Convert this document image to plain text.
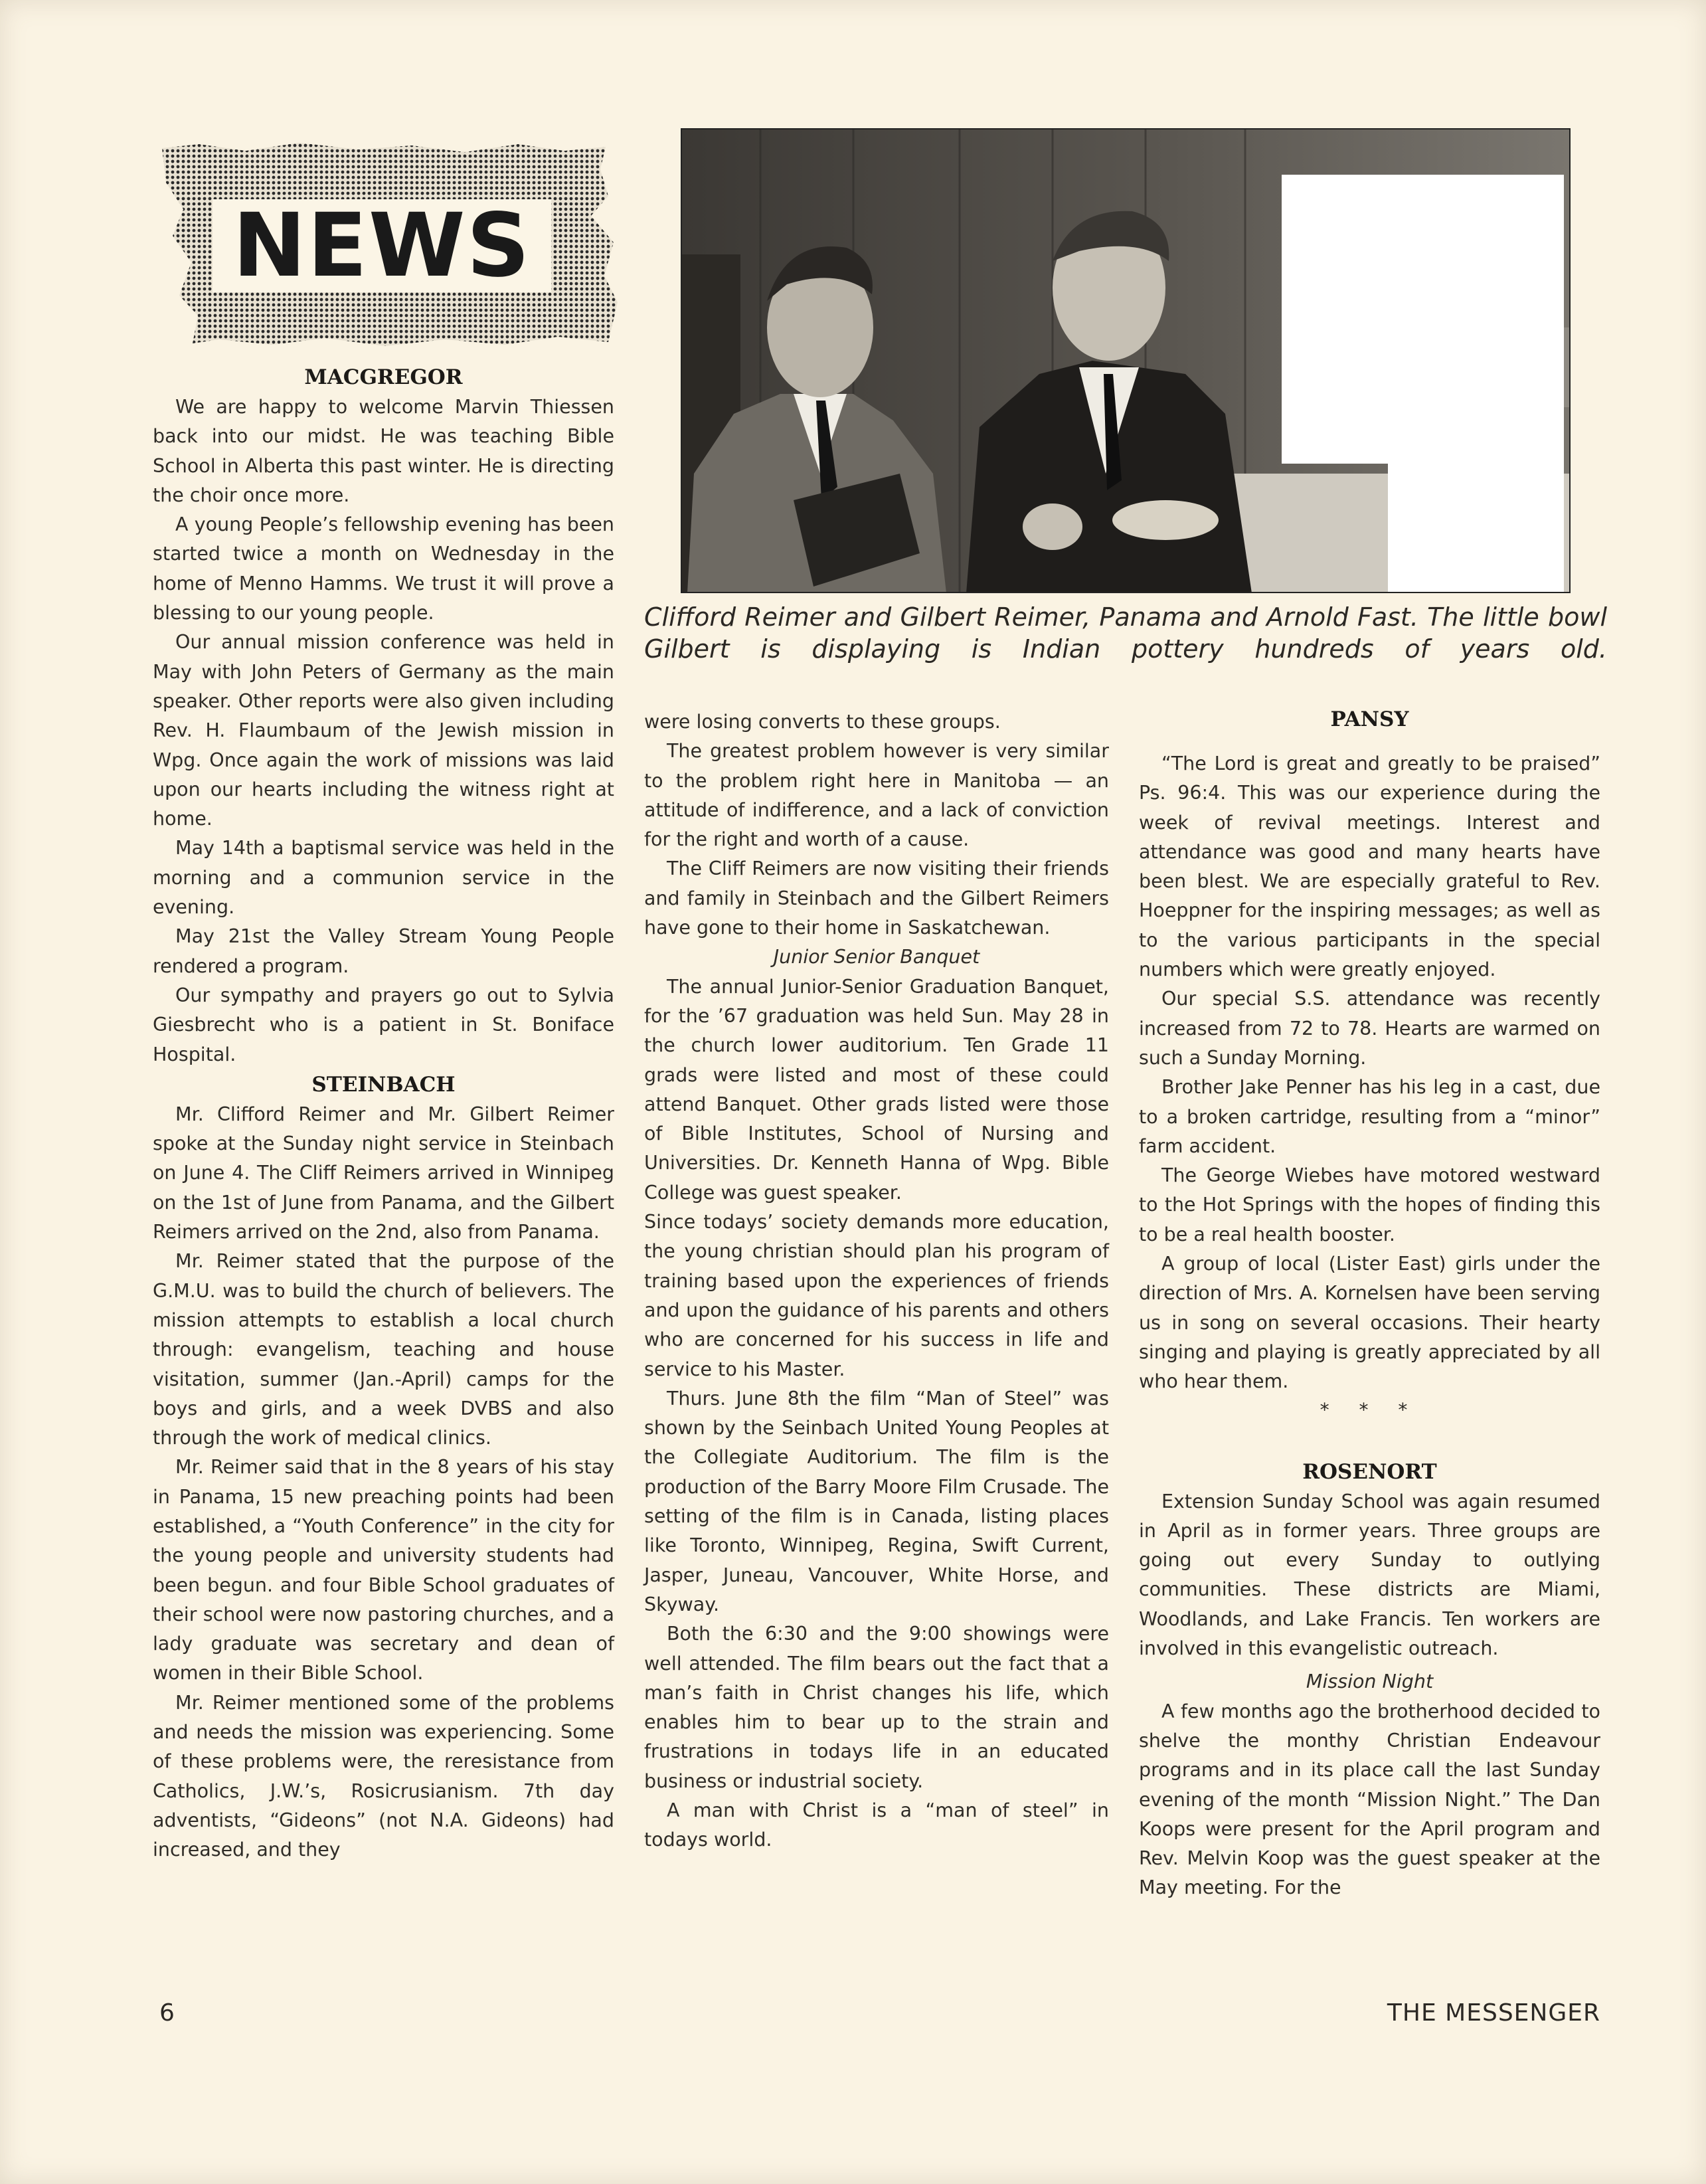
NEWS
Clifford Reimer and Gilbert Reimer, Panama and Arnold Fast. The little bowl Gilbert is displaying is Indian pottery hundreds of years old.
MACGREGOR

We are happy to welcome Marvin Thiessen back into our midst. He was teaching Bible School in Alberta this past winter. He is directing the choir once more.

A young People’s fellowship evening has been started twice a month on Wednesday in the home of Menno Hamms. We trust it will prove a blessing to our young people.

Our annual mission conference was held in May with John Peters of Germany as the main speaker. Other reports were also given including Rev. H. Flaumbaum of the Jewish mission in Wpg. Once again the work of missions was laid upon our hearts including the witness right at home.

May 14th a baptismal service was held in the morning and a communion service in the evening.

May 21st the Valley Stream Young People rendered a program.

Our sympathy and prayers go out to Sylvia Giesbrecht who is a patient in St. Boniface Hospital.

STEINBACH

Mr. Clifford Reimer and Mr. Gilbert Reimer spoke at the Sunday night service in Steinbach on June 4. The Cliff Reimers arrived in Winnipeg on the 1st of June from Panama, and the Gilbert Reimers arrived on the 2nd, also from Panama.

Mr. Reimer stated that the purpose of the G.M.U. was to build the church of believers. The mission attempts to establish a local church through: evangelism, teaching and house visitation, summer (Jan.-April) camps for the boys and girls, and a week DVBS and also through the work of medical clinics.

Mr. Reimer said that in the 8 years of his stay in Panama, 15 new preaching points had been established, a “Youth Conference” in the city for the young people and university students had been begun. and four Bible School graduates of their school were now pastoring churches, and a lady graduate was secretary and dean of women in their Bible School.

Mr. Reimer mentioned some of the problems and needs the mission was experiencing. Some of these problems were, the reresistance from Catholics, J.W.’s, Rosicrusianism. 7th day adventists, “Gideons” (not N.A. Gideons) had increased, and they

were losing converts to these groups.

The greatest problem however is very similar to the problem right here in Manitoba — an attitude of indifference, and a lack of conviction for the right and worth of a cause.

The Cliff Reimers are now visiting their friends and family in Steinbach and the Gilbert Reimers have gone to their home in Saskatchewan.

Junior Senior Banquet

The annual Junior-Senior Graduation Banquet, for the ’67 graduation was held Sun. May 28 in the church lower auditorium. Ten Grade 11 grads were listed and most of these could attend Banquet. Other grads listed were those of Bible Institutes, School of Nursing and Universities. Dr. Kenneth Hanna of Wpg. Bible College was guest speaker.

Since todays’ society demands more education, the young christian should plan his program of training based upon the experiences of friends and upon the guidance of his parents and others who are concerned for his success in life and service to his Master.

Thurs. June 8th the film “Man of Steel” was shown by the Seinbach United Young Peoples at the Collegiate Auditorium. The film is the production of the Barry Moore Film Crusade. The setting of the film is in Canada, listing places like Toronto, Winnipeg, Regina, Swift Current, Jasper, Juneau, Vancouver, White Horse, and Skyway.

Both the 6:30 and the 9:00 showings were well attended. The film bears out the fact that a man’s faith in Christ changes his life, which enables him to bear up to the strain and frustrations in todays life in an educated business or industrial society.

A man with Christ is a “man of steel” in todays world.

PANSY

“The Lord is great and greatly to be praised” Ps. 96:4. This was our experience during the week of revival meetings. Interest and attendance was good and many hearts have been blest. We are especially grateful to Rev. Hoeppner for the inspiring messages; as well as to the various participants in the special numbers which were greatly enjoyed.

Our special S.S. attendance was recently increased from 72 to 78. Hearts are warmed on such a Sunday Morning.

Brother Jake Penner has his leg in a cast, due to a broken cartridge, resulting from a “minor” farm accident.

The George Wiebes have motored westward to the Hot Springs with the hopes of finding this to be a real health booster.

A group of local (Lister East) girls under the direction of Mrs. A. Kornelsen have been serving us in song on several occasions. Their hearty singing and playing is greatly appreciated by all who hear them.

* * *
ROSENORT

Extension Sunday School was again resumed in April as in former years. Three groups are going out every Sunday to outlying communities. These districts are Miami, Woodlands, and Lake Francis. Ten workers are involved in this evangelistic outreach.

Mission Night

A few months ago the brotherhood decided to shelve the monthy Christian Endeavour programs and in its place call the last Sunday evening of the month “Mission Night.” The Dan Koops were present for the April program and Rev. Melvin Koop was the guest speaker at the May meeting. For the

6	THE MESSENGER
